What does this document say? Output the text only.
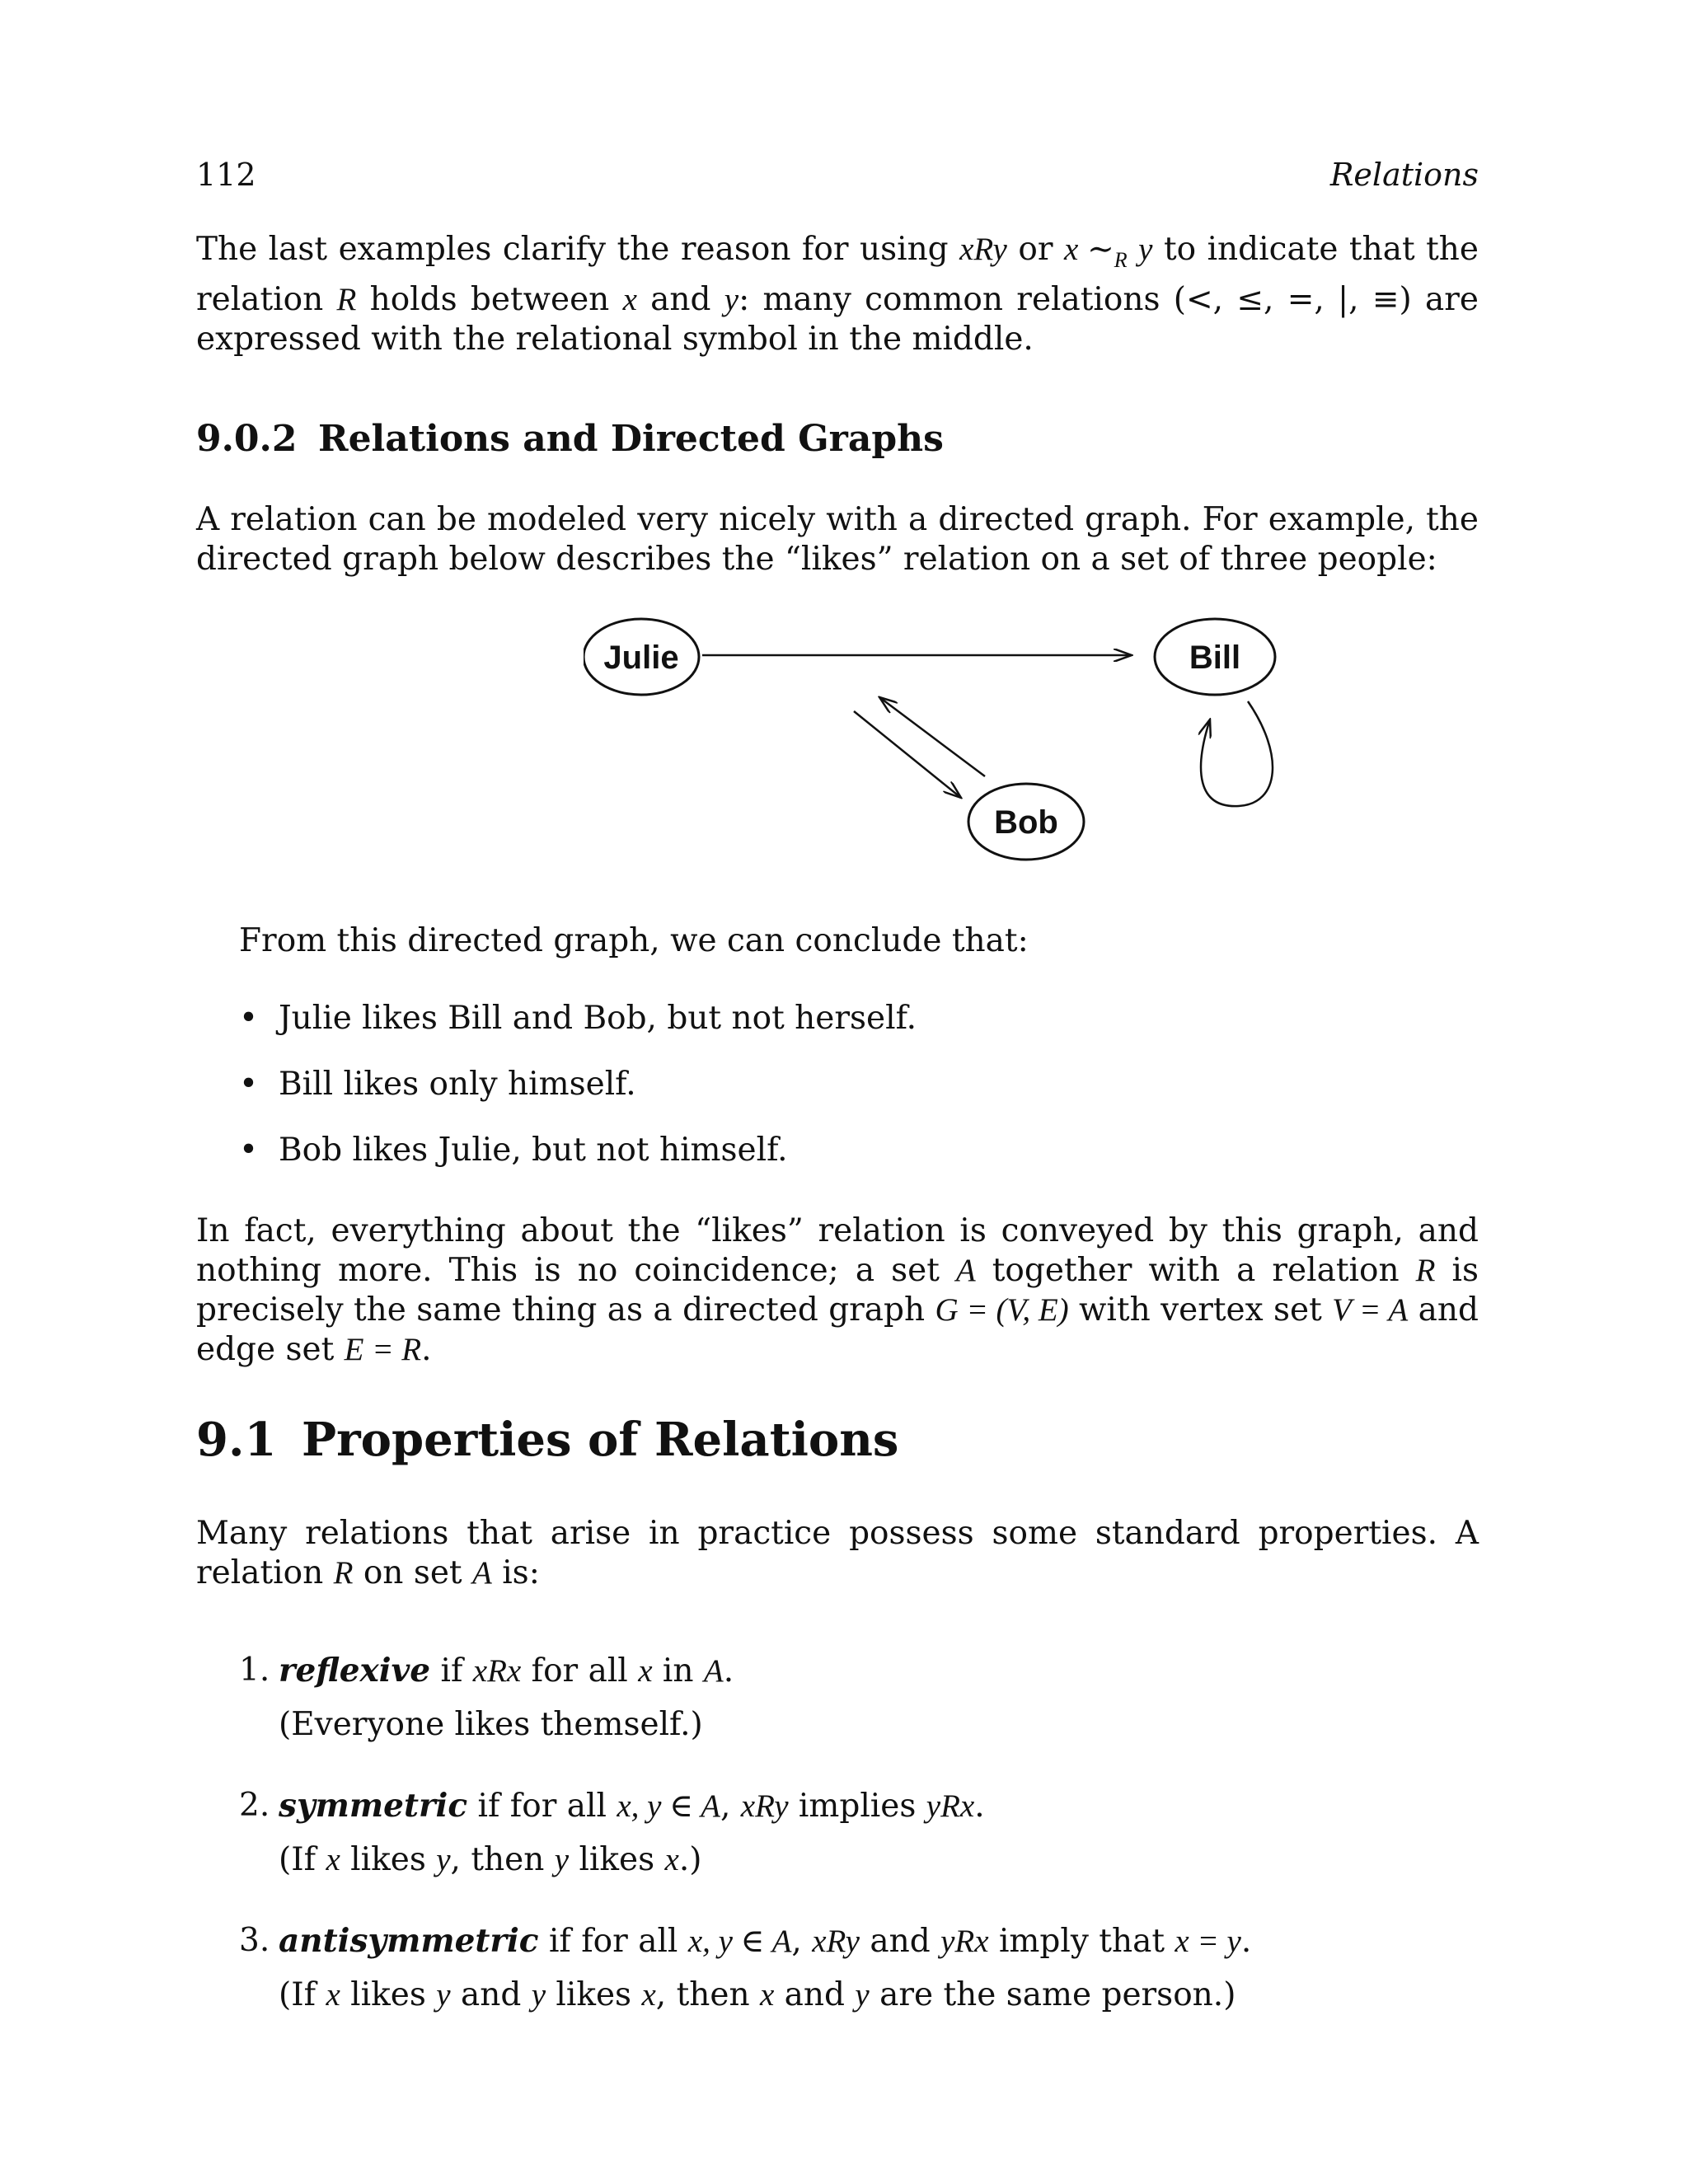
112	Relations

The last examples clarify the reason for using xRy or x $\sim_R$ y to indicate that the relation R holds between x and y: many common relations (<, ≤, =, |, ≡) are expressed with the relational symbol in the middle.

9.0.2 Relations and Directed Graphs

A relation can be modeled very nicely with a directed graph. For example, the directed graph below describes the “likes” relation on a set of three people:

Julie	Bill
Bob
From this directed graph, we can conclude that:
• Julie likes Bill and Bob, but not herself.
• Bill likes only himself.
• Bob likes Julie, but not himself.

In fact, everything about the “likes” relation is conveyed by this graph, and nothing more. This is no coincidence; a set A together with a relation R is precisely the same thing as a directed graph G = (V, E) with vertex set V = A and edge set E = R.

9.1 Properties of Relations

Many relations that arise in practice possess some standard properties. A relation R on set A is:

1. reflexive if xRx for all x in A.
(Everyone likes themself.)
2. symmetric if for all x, y ∈ A, xRy implies yRx.
(If x likes y, then y likes x.)
3. antisymmetric if for all x, y ∈ A, xRy and yRx imply that x = y.
(If x likes y and y likes x, then x and y are the same person.)
